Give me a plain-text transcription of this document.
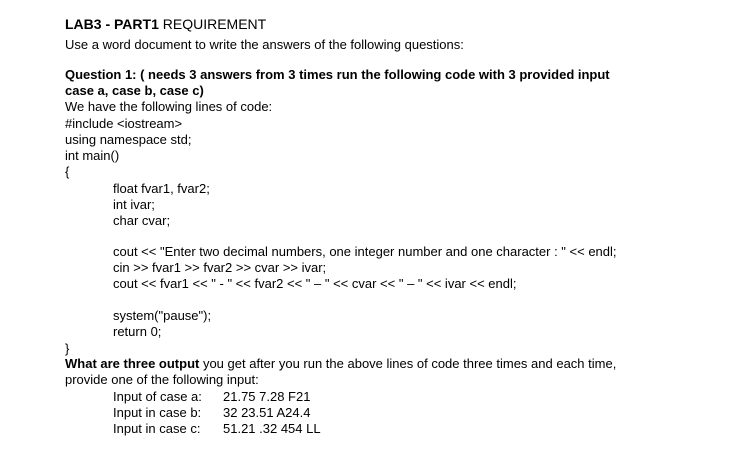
LAB3 - PART1 REQUIREMENT
Use a word document to write the answers of the following questions:
Question 1: ( needs 3 answers from 3 times run the following code with 3 provided input
case a, case b, case c)
We have the following lines of code:
#include <iostream>
using namespace std;
int main()
{
float fvar1, fvar2;
int ivar;
char cvar;
cout << "Enter two decimal numbers, one integer number and one character : " << endl;
cin >> fvar1 >> fvar2 >> cvar >> ivar;
cout << fvar1 << " - " << fvar2 << " – " << cvar << " – " << ivar << endl;
system("pause");
return 0;
}
What are three output you get after you run the above lines of code three times and each time,
provide one of the following input:
Input of case a: 21.75 7.28 F21
Input in case b: 32 23.51 A24.4
Input in case c: 51.21 .32 454 LL
